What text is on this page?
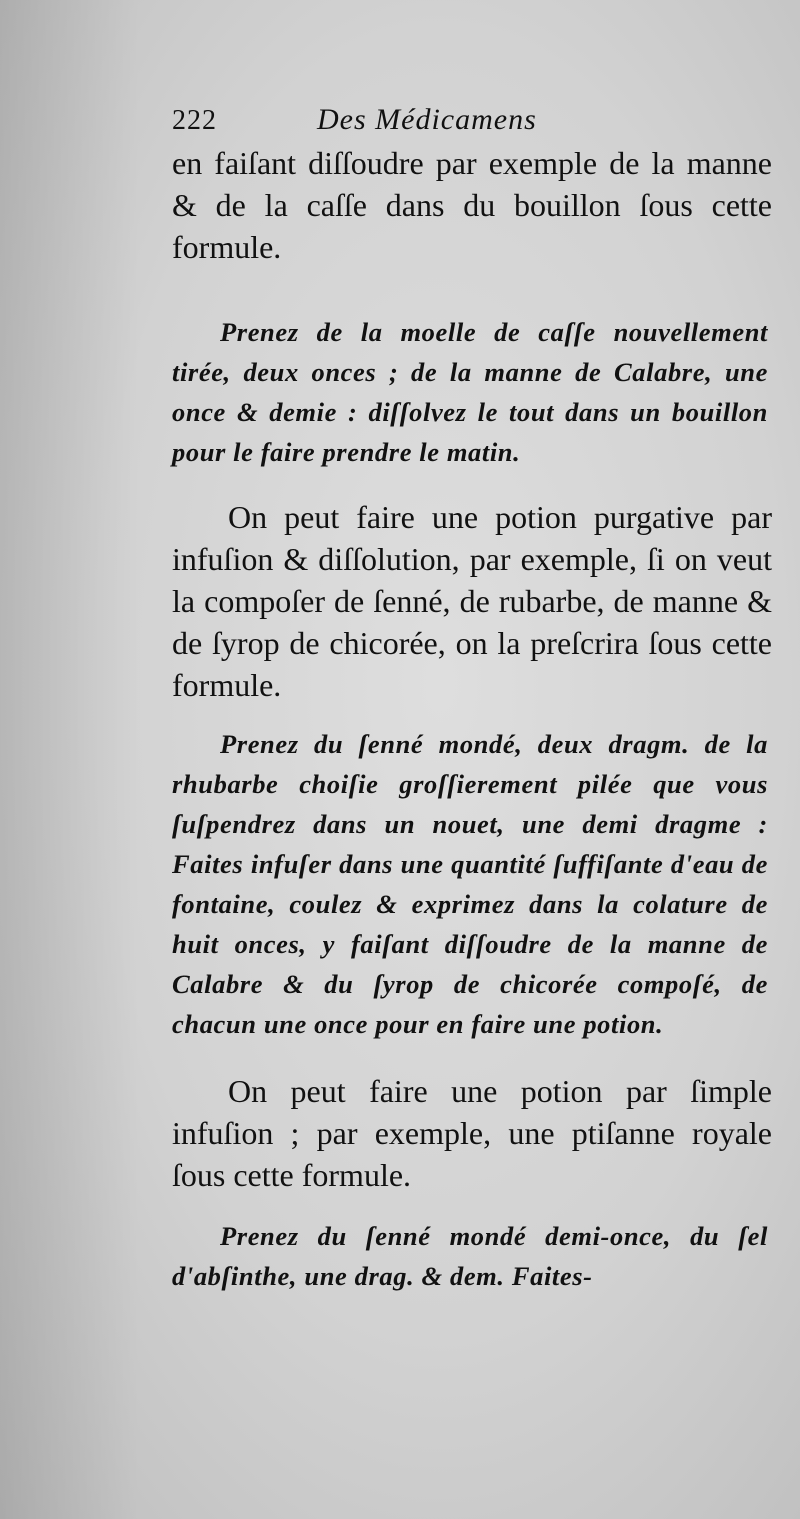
222	Des Médicamens

en faiſant diſſoudre par exemple de la manne & de la caſſe dans du bouillon ſous cette formule.

Prenez de la moelle de caſſe nouvellement tirée, deux onces ; de la manne de Calabre, une once & demie : diſſolvez le tout dans un bouillon pour le faire prendre le matin.

On peut faire une potion purgative par infuſion & diſſolution, par exemple, ſi on veut la compoſer de ſenné, de rubarbe, de manne & de ſyrop de chicorée, on la preſcrira ſous cette formule.

Prenez du ſenné mondé, deux dragm. de la rhubarbe choiſie groſſierement pilée que vous ſuſpendrez dans un nouet, une demi dragme : Faites infuſer dans une quantité ſuffiſante d'eau de fontaine, coulez & exprimez dans la colature de huit onces, y faiſant diſſoudre de la manne de Calabre & du ſyrop de chicorée compoſé, de chacun une once pour en faire une potion.

On peut faire une potion par ſimple infuſion ; par exemple, une ptiſanne royale ſous cette formule.

Prenez du ſenné mondé demi-once, du ſel d'abſinthe, une drag. & dem. Faites-
